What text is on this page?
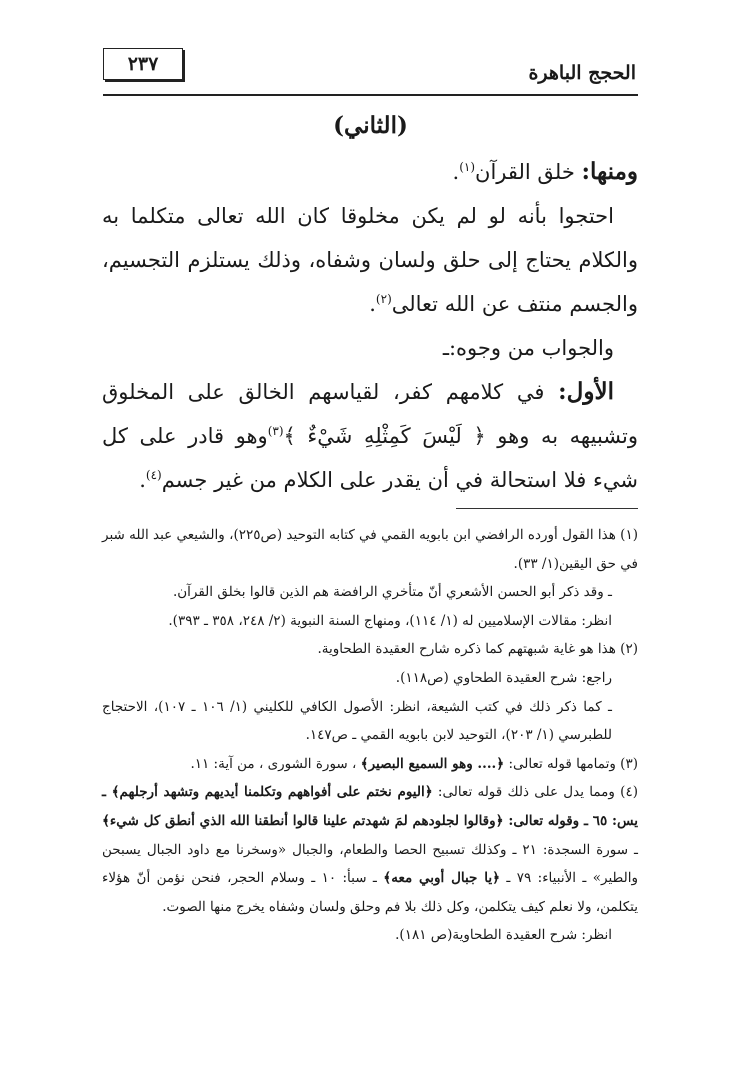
الحجج الباهرة
٢٣٧
(الثاني)

ومنها: خلق القرآن$^{(١)}$.

احتجوا بأنه لو لم يكن مخلوقا كان الله تعالى متكلما به والكلام يحتاج إلى حلق ولسان وشفاه، وذلك يستلزم التجسيم، والجسم منتف عن الله تعالى$^{(٢)}$.

والجواب من وجوه:ـ

الأول: في كلامهم كفر، لقياسهم الخالق على المخلوق وتشبيهه به وهو ﴿ لَيْسَ كَمِثْلِهِ شَيْءٌ ﴾$^{(٣)}$وهو قادر على كل شيء فلا استحالة في أن يقدر على الكلام من غير جسم$^{(٤)}$.

(١) هذا القول أورده الرافضي ابن بابويه القمي في كتابه التوحيد (ص٢٢٥)، والشيعي عبد الله شبر في حق اليقين(١/ ٣٣).

ـ وقد ذكر أبو الحسن الأشعري أنّ متأخري الرافضة هم الذين قالوا بخلق القرآن.

انظر: مقالات الإسلاميين له (١/ ١١٤)، ومنهاج السنة النبوية (٢/ ٢٤٨، ٣٥٨ ـ ٣٩٣).

(٢) هذا هو غاية شبهتهم كما ذكره شارح العقيدة الطحاوية.

راجع: شرح العقيدة الطحاوي (ص١١٨).

ـ كما ذكر ذلك في كتب الشيعة، انظر: الأصول الكافي للكليني (١/ ١٠٦ ـ ١٠٧)، الاحتجاج للطبرسي (١/ ٢٠٣)، التوحيد لابن بابويه القمي ـ ص١٤٧.

(٣) وتمامها قوله تعالى: ﴿.... وهو السميع البصير﴾ ، سورة الشورى ، من آية: ١١.

(٤) ومما يدل على ذلك قوله تعالى: ﴿اليوم نختم على أفواههم وتكلمنا أيديهم وتشهد أرجلهم﴾ ـ يس: ٦٥ ـ وقوله تعالى: ﴿وقالوا لجلودهم لمَ شهدتم علينا قالوا أنطقنا الله الذي أنطق كل شيء﴾ ـ سورة السجدة: ٢١ ـ وكذلك تسبيح الحصا والطعام، والجبال «وسخرنا مع داود الجبال يسبحن والطير» ـ الأنبياء: ٧٩ ـ ﴿يا جبال أوبي معه﴾ ـ سبأ: ١٠ ـ وسلام الحجر، فنحن نؤمن أنّ هؤلاء يتكلمن، ولا نعلم كيف يتكلمن، وكل ذلك بلا فم وحلق ولسان وشفاه يخرج منها الصوت.

انظر: شرح العقيدة الطحاوية(ص ١٨١).
